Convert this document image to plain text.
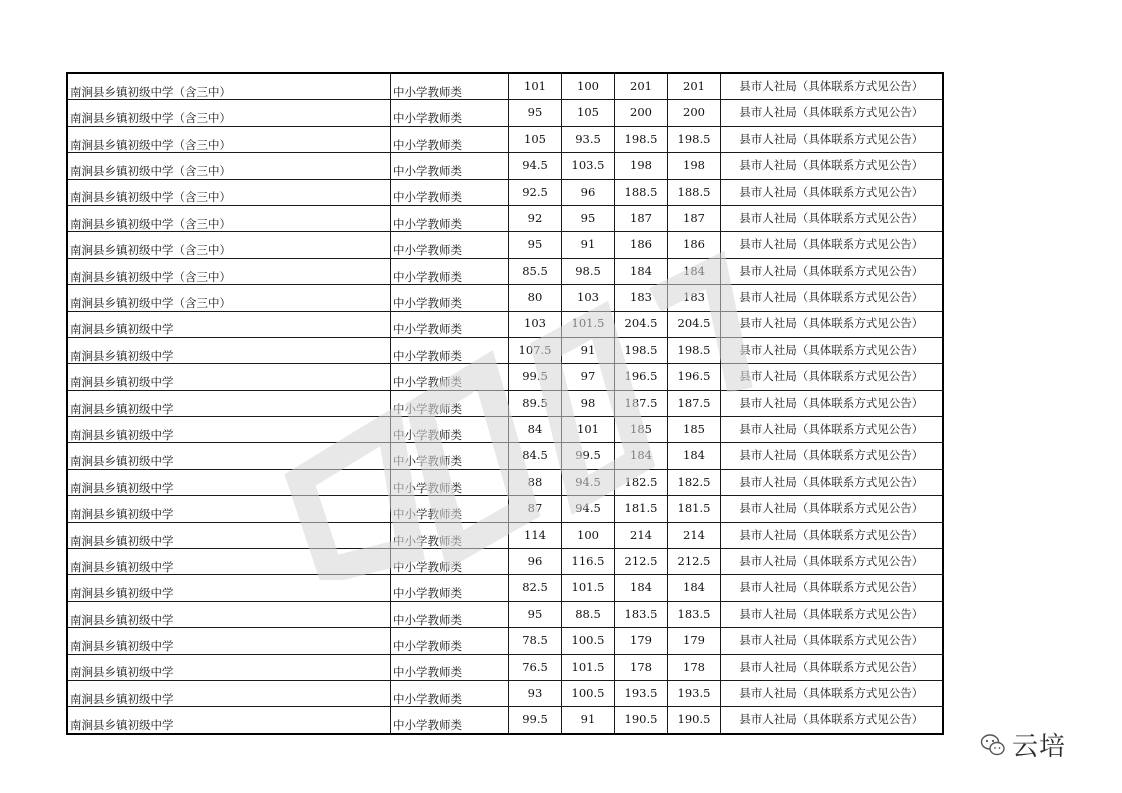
南涧县乡镇初级中学（含三中）	中小学教师类	101	100	201	201	县市人社局（具体联系方式见公告）
南涧县乡镇初级中学（含三中）	中小学教师类	95	105	200	200	县市人社局（具体联系方式见公告）
南涧县乡镇初级中学（含三中）	中小学教师类	105	93.5	198.5	198.5	县市人社局（具体联系方式见公告）
南涧县乡镇初级中学（含三中）	中小学教师类	94.5	103.5	198	198	县市人社局（具体联系方式见公告）
南涧县乡镇初级中学（含三中）	中小学教师类	92.5	96	188.5	188.5	县市人社局（具体联系方式见公告）
南涧县乡镇初级中学（含三中）	中小学教师类	92	95	187	187	县市人社局（具体联系方式见公告）
南涧县乡镇初级中学（含三中）	中小学教师类	95	91	186	186	县市人社局（具体联系方式见公告）
南涧县乡镇初级中学（含三中）	中小学教师类	85.5	98.5	184	184	县市人社局（具体联系方式见公告）
南涧县乡镇初级中学（含三中）	中小学教师类	80	103	183	183	县市人社局（具体联系方式见公告）
南涧县乡镇初级中学	中小学教师类	103	101.5	204.5	204.5	县市人社局（具体联系方式见公告）
南涧县乡镇初级中学	中小学教师类	107.5	91	198.5	198.5	县市人社局（具体联系方式见公告）
南涧县乡镇初级中学	中小学教师类	99.5	97	196.5	196.5	县市人社局（具体联系方式见公告）
南涧县乡镇初级中学	中小学教师类	89.5	98	187.5	187.5	县市人社局（具体联系方式见公告）
南涧县乡镇初级中学	中小学教师类	84	101	185	185	县市人社局（具体联系方式见公告）
南涧县乡镇初级中学	中小学教师类	84.5	99.5	184	184	县市人社局（具体联系方式见公告）
南涧县乡镇初级中学	中小学教师类	88	94.5	182.5	182.5	县市人社局（具体联系方式见公告）
南涧县乡镇初级中学	中小学教师类	87	94.5	181.5	181.5	县市人社局（具体联系方式见公告）
南涧县乡镇初级中学	中小学教师类	114	100	214	214	县市人社局（具体联系方式见公告）
南涧县乡镇初级中学	中小学教师类	96	116.5	212.5	212.5	县市人社局（具体联系方式见公告）
南涧县乡镇初级中学	中小学教师类	82.5	101.5	184	184	县市人社局（具体联系方式见公告）
南涧县乡镇初级中学	中小学教师类	95	88.5	183.5	183.5	县市人社局（具体联系方式见公告）
南涧县乡镇初级中学	中小学教师类	78.5	100.5	179	179	县市人社局（具体联系方式见公告）
南涧县乡镇初级中学	中小学教师类	76.5	101.5	178	178	县市人社局（具体联系方式见公告）
南涧县乡镇初级中学	中小学教师类	93	100.5	193.5	193.5	县市人社局（具体联系方式见公告）
南涧县乡镇初级中学	中小学教师类	99.5	91	190.5	190.5	县市人社局（具体联系方式见公告）
云培
